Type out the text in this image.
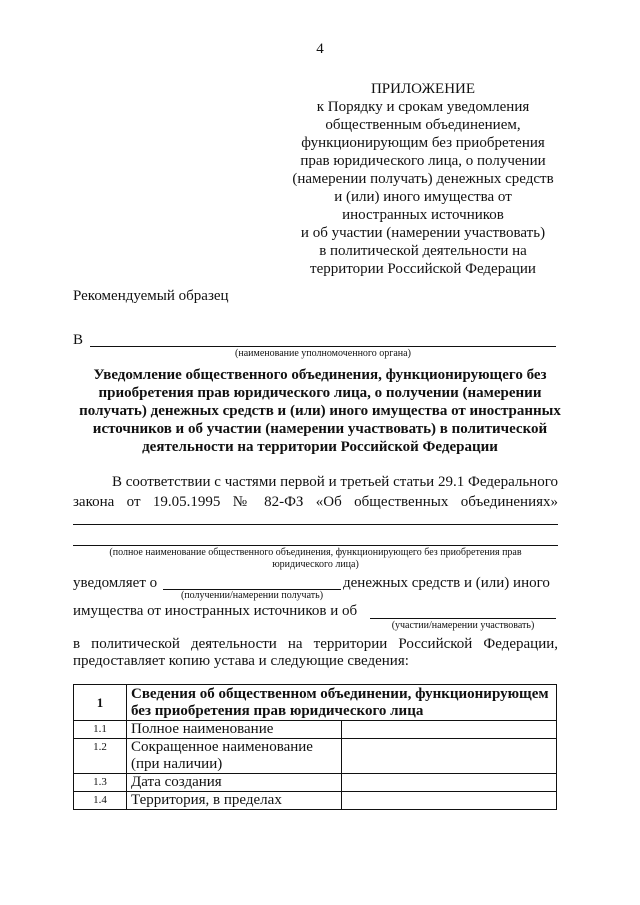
4
ПРИЛОЖЕНИЕ
к Порядку и срокам уведомления
общественным объединением,
функционирующим без приобретения
прав юридического лица, о получении
(намерении получать) денежных средств
и (или) иного имущества от
иностранных источников
и об участии (намерении участвовать)
в политической деятельности на
территории Российской Федерации
Рекомендуемый образец
В
(наименование уполномоченного органа)
Уведомление общественного объединения, функционирующего без
приобретения прав юридического лица, о получении (намерении
получать) денежных средств и (или) иного имущества от иностранных
источников и об участии (намерении участвовать) в политической
деятельности на территории Российской Федерации
В соответствии с частями первой и третьей статьи 29.1 Федерального
закона от 19.05.1995 № 82-ФЗ «Об общественных объединениях»
(полное наименование общественного объединения, функционирующего без приобретения прав
юридического лица)
уведомляет о	денежных средств и (или) иного
(получении/намерении получать)
имущества от иностранных источников и об
(участии/намерении участвовать)
в политической деятельности на территории Российской Федерации,
предоставляет копию устава и следующие сведения:
1	Сведения об общественном объединении, функционирующем
без приобретения прав юридического лица	

1.1	Полное наименование	
1.2	Сокращенное наименование
(при наличии)	

1.3	Дата создания	
1.4	Территория, в пределах	
